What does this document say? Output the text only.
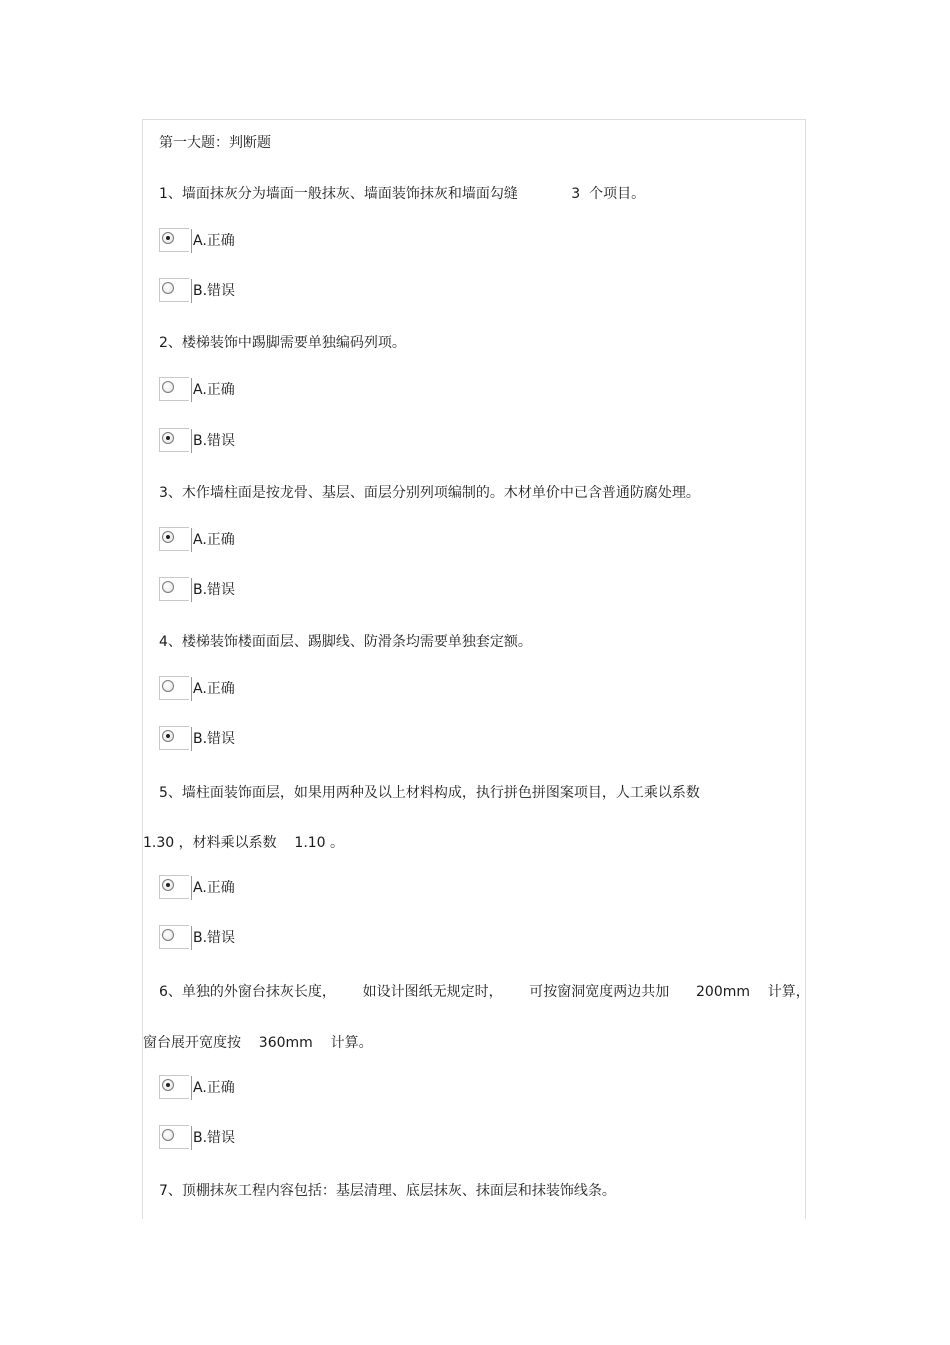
第一大题：判断题
1、墙面抹灰分为墙面一般抹灰、墙面装饰抹灰和墙面勾缝            3  个项目。
A.正确
B.错误
2、楼梯装饰中踢脚需要单独编码列项。
A.正确
B.错误
3、木作墙柱面是按龙骨、基层、面层分别列项编制的。木材单价中已含普通防腐处理。
A.正确
B.错误
4、楼梯装饰楼面面层、踢脚线、防滑条均需要单独套定额。
A.正确
B.错误
5、墙柱面装饰面层，如果用两种及以上材料构成，执行拼色拼图案项目，人工乘以系数
1.30 ，材料乘以系数    1.10 。
A.正确
B.错误
6、单独的外窗台抹灰长度，      如设计图纸无规定时，      可按窗洞宽度两边共加      200mm    计算，
窗台展开宽度按    360mm    计算。
A.正确
B.错误
7、顶棚抹灰工程内容包括：基层清理、底层抹灰、抹面层和抹装饰线条。
